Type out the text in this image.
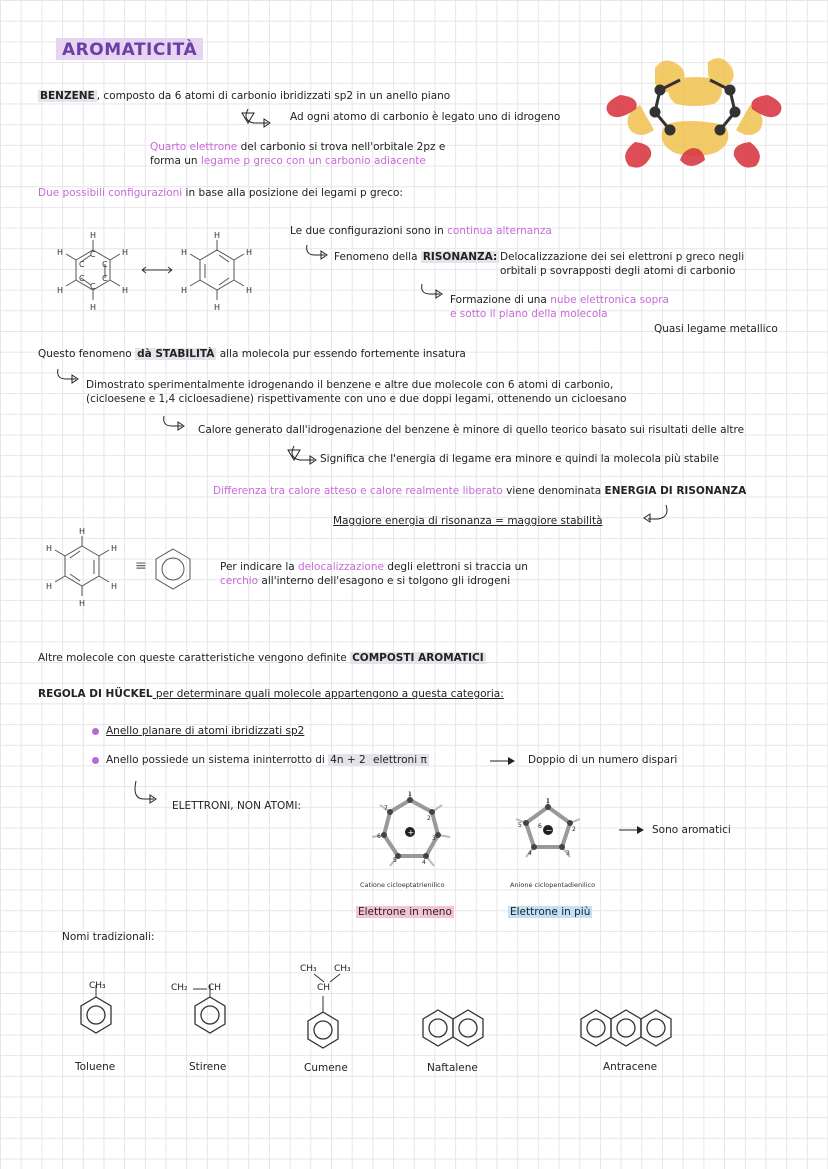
AROMATICITÀ
BENZENE , composto da 6 atomi di carbonio ibridizzati sp2 in un anello piano
Ad ogni atomo di carbonio è legato uno di idrogeno
Quarto elettrone del carbonio si trova nell'orbitale 2pz e
forma un legame p greco con un carbonio adiacente
Due possibili configurazioni in base alla posizione dei legami p greco:
H
H
H	H
H	H
C
C C
C C
C
H
H
H	H
H	H
Le due configurazioni sono in continua alternanza
Fenomeno della RISONANZA: Delocalizzazione dei sei elettroni p greco negli
orbitali p sovrapposti degli atomi di carbonio
Formazione di una nube elettronica sopra
e sotto il piano della molecola
Quasi legame metallico
Questo fenomeno dà STABILITÀ alla molecola pur essendo fortemente insatura
Dimostrato sperimentalmente idrogenando il benzene e altre due molecole con 6 atomi di carbonio,
(cicloesene e 1,4 cicloesadiene) rispettivamente con uno e due doppi legami, ottenendo un cicloesano
Calore generato dall'idrogenazione del benzene è minore di quello teorico basato sui risultati delle altre
Significa che l'energia di legame era minore e quindi la molecola più stabile
Differenza tra calore atteso e calore realmente liberato viene denominata ENERGIA DI RISONANZA
Maggiore energia di risonanza = maggiore stabilità
H
H
H	H
H	H
≡	Per indicare la delocalizzazione degli elettroni si traccia un
cerchio all'interno dell'esagono e si tolgono gli idrogeni
Altre molecole con queste caratteristiche vengono definite COMPOSTI AROMATICI
REGOLA DI HÜCKEL per determinare quali molecole appartengono a questa categoria:
Anello planare di atomi ibridizzati sp2
Anello possiede un sistema ininterrotto di 4n + 2 elettroni π	Doppio di un numero dispari
ELETTRONI, NON ATOMI:
+
1
2
3
4
5
6
7
Catione cicloeptatrienilico
Elettrone in meno
−
1
2
3
4
5	6
Anione ciclopentadienilico
Elettrone in più
Sono aromatici
Nomi tradizionali:
CH₃	CH₂ CH
CH₃ CH₃
CH
Toluene	Stirene	Cumene	Naftalene	Antracene
